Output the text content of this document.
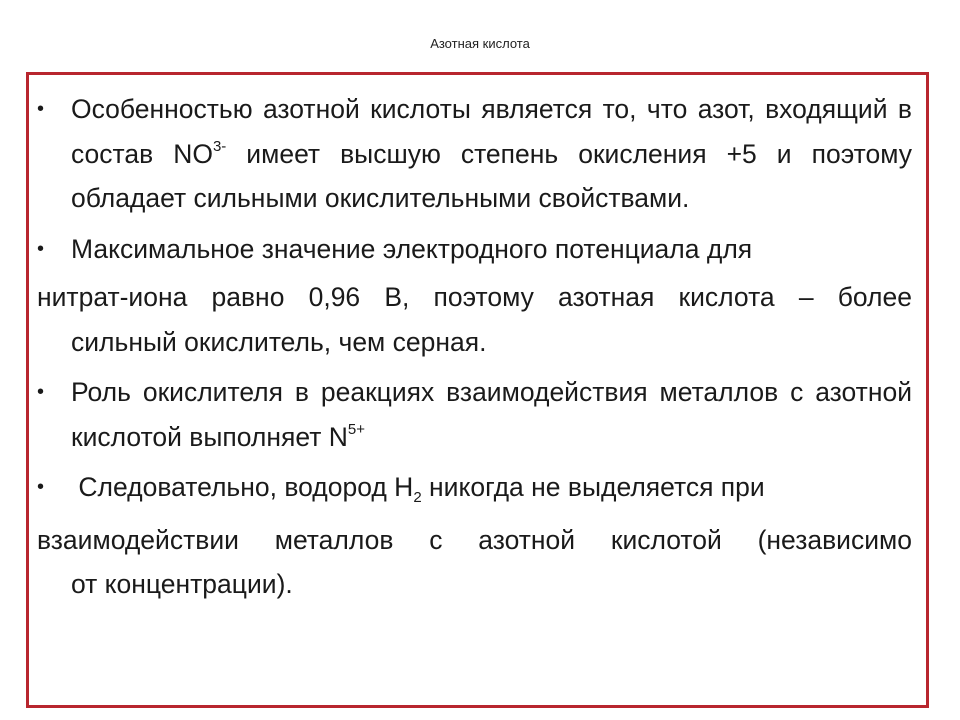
Азотная кислота

•	Особенностью азотной кислоты является то, что азот, входящий в состав $NO^{3-}$ имеет высшую степень окисления +5 и поэтому обладает сильными окислительными свойствами.

•	Максимальное значение электродного потенциала для

нитрат-иона равно 0,96 В, поэтому азотная кислота – более
сильный окислитель, чем серная.

•	Роль окислителя в реакциях взаимодействия металлов с азотной кислотой выполняет $N^{5+}$

•	Следовательно, водород $H_2$ никогда не выделяется при

взаимодействии металлов с азотной кислотой (независимо
от концентрации).
